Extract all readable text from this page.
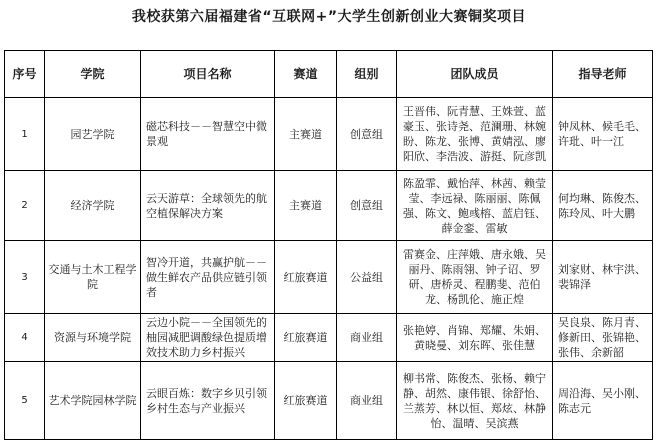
我校获第六届福建省“互联网+”大学生创新创业大赛铜奖项目
序号	学院	项目名称	赛道	组别	团队成员	指导老师
1	园艺学院	磁芯科技－－智慧空中微景观	主赛道	创意组	王晋伟、阮青慧、王姝萱、蓝豪玉、张诗尧、范澜珊、林婉盼、陈龙、张博、黄婧泓、廖阳欣、李浩波、游挺、阮彦凯	钟凤林、候毛毛、许玭、叶一江
2	经济学院	云天游草：全球领先的航空植保解决方案	主赛道	创意组	陈盈霏、戴怡萍、林茜、赖莹莹、李远禄、陈丽丽、陈佩强、陈文、鲍彧榕、蓝启钰、薛金銮、雷敏	何均琳、陈俊杰、陈玲凤、叶大鹏
3	交通与土木工程学院	智冷开道，共赢护航－－做生鲜农产品供应链引领者	红旅赛道	公益组	雷赛金、庄萍娥、唐永娥、吴丽丹、陈雨翎、钟子诏、罗研、唐桥灵、程鹏斐、范伯龙、杨凯伦、施正煌	刘家财、林宇洪、裴锦泽
4	资源与环境学院	云边小院－－全国领先的柚园减肥调酸绿色提质增效技术助力乡村振兴	红旅赛道	商业组	张艳婷、肖锦、郑耀、朱娟、黄晓曼、刘东晖、张佳慧	吴良泉、陈月青、修新田、张锦艳、张伟、余新韶
5	艺术学院园林学院	云眼百炼：数字乡贝引领乡村生态与产业振兴	红旅赛道	商业组	柳书常、陈俊杰、张杨、赖宁静、胡然、康伟银、徐舒怡、兰蒸芳、林以恒、郑炫、林静怡、温晴、吴滨燕	周沿海、吴小刚、陈志元
